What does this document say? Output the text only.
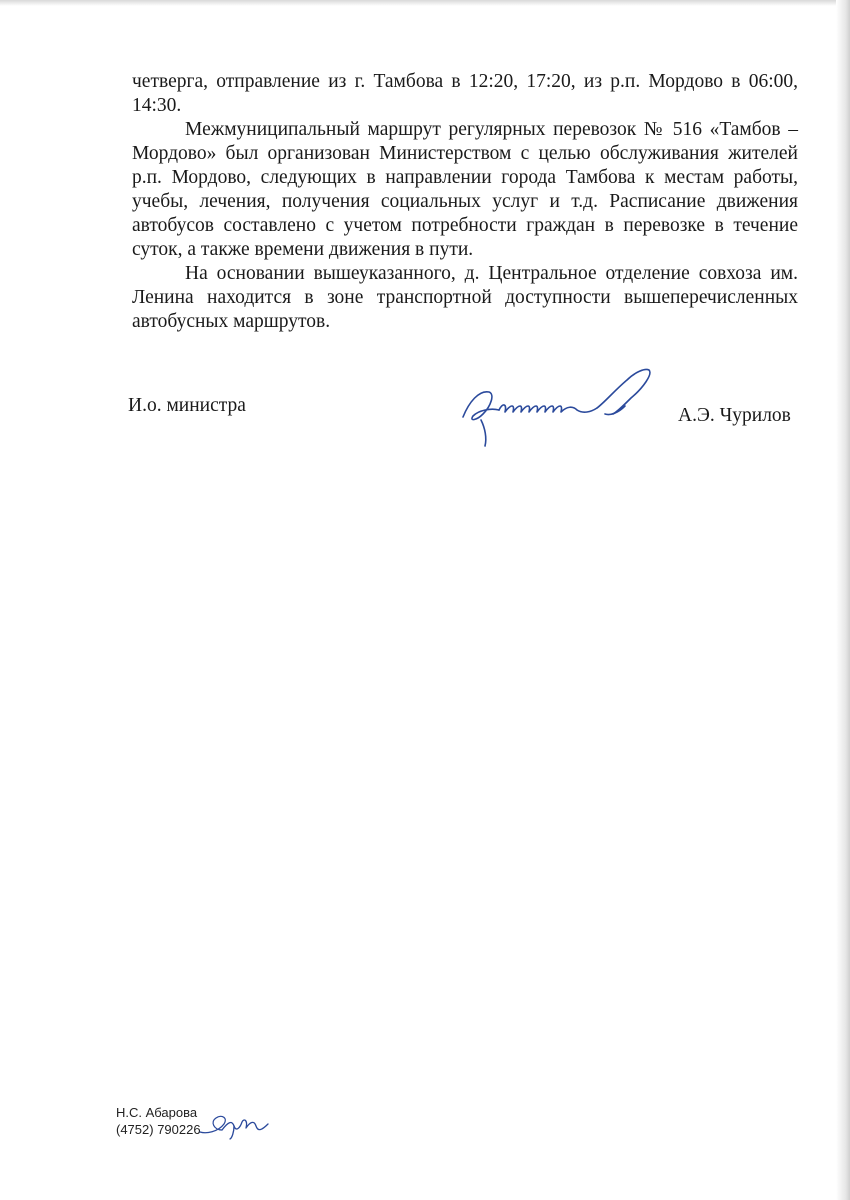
четверга, отправление из г. Тамбова в 12:20, 17:20, из р.п. Мордово в 06:00, 14:30.

Межмуниципальный маршрут регулярных перевозок № 516 «Тамбов – Мордово» был организован Министерством с целью обслуживания жителей р.п. Мордово, следующих в направлении города Тамбова к местам работы, учебы, лечения, получения социальных услуг и т.д. Расписание движения автобусов составлено с учетом потребности граждан в перевозке в течение суток, а также времени движения в пути.

На основании вышеуказанного, д. Центральное отделение совхоза им. Ленина находится в зоне транспортной доступности вышеперечисленных автобусных маршрутов.

И.о. министра	А.Э. Чурилов
Н.С. Абарова
(4752) 790226
